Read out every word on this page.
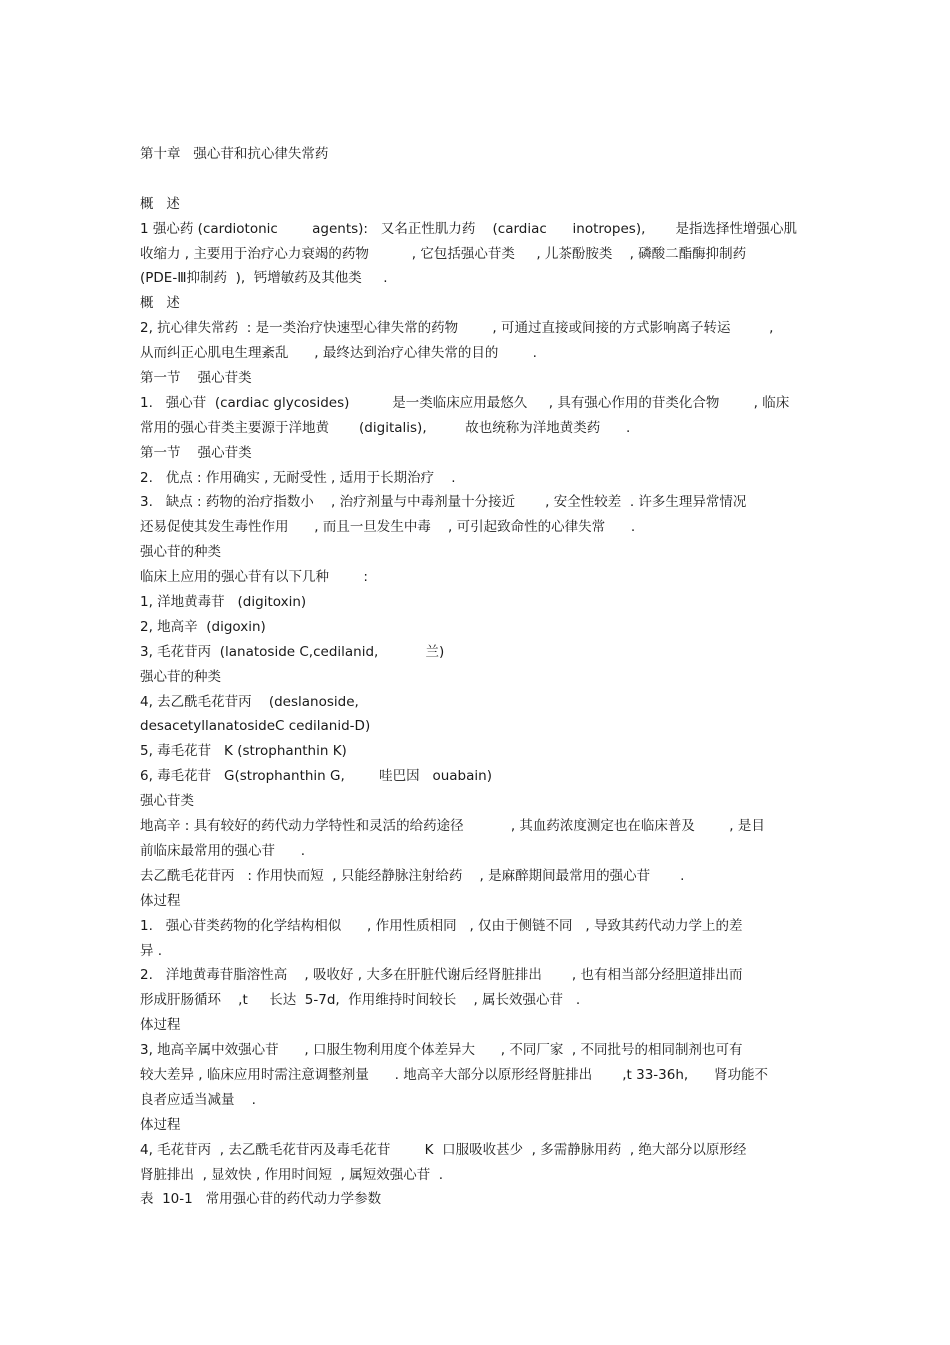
第十章   强心苷和抗心律失常药
概   述
1 强心药 (cardiotonic        agents):   又名正性肌力药    (cardiac      inotropes),       是指选择性增强心肌
收缩力 , 主要用于治疗心力衰竭的药物          , 它包括强心苷类     , 儿茶酚胺类    , 磷酸二酯酶抑制药
(PDE-Ⅲ抑制药  ),  钙增敏药及其他类     .
概   述
2, 抗心律失常药  : 是一类治疗快速型心律失常的药物        , 可通过直接或间接的方式影响离子转运         ,
从而纠正心肌电生理紊乱      , 最终达到治疗心律失常的目的        .
第一节    强心苷类
1.   强心苷  (cardiac glycosides)          是一类临床应用最悠久     , 具有强心作用的苷类化合物        , 临床
常用的强心苷类主要源于洋地黄       (digitalis),         故也统称为洋地黄类药      .
第一节    强心苷类
2.   优点 : 作用确实 , 无耐受性 , 适用于长期治疗    .
3.   缺点 : 药物的治疗指数小    , 治疗剂量与中毒剂量十分接近       , 安全性较差  . 许多生理异常情况
还易促使其发生毒性作用      , 而且一旦发生中毒    , 可引起致命性的心律失常      .
强心苷的种类
临床上应用的强心苷有以下几种        :
1, 洋地黄毒苷   (digitoxin)
2, 地高辛  (digoxin)
3, 毛花苷丙  (lanatoside C,cedilanid,           兰)
强心苷的种类
4, 去乙酰毛花苷丙    (deslanoside,
desacetyllanatosideC cedilanid-D)
5, 毒毛花苷   K (strophanthin K)
6, 毒毛花苷   G(strophanthin G,        哇巴因   ouabain)
强心苷类
地高辛 : 具有较好的药代动力学特性和灵活的给药途径           , 其血药浓度测定也在临床普及        , 是目
前临床最常用的强心苷      .
去乙酰毛花苷丙   : 作用快而短  , 只能经静脉注射给药    , 是麻醉期间最常用的强心苷       .
体过程
1.   强心苷类药物的化学结构相似      , 作用性质相同   , 仅由于侧链不同   , 导致其药代动力学上的差
异 .
2.   洋地黄毒苷脂溶性高    , 吸收好 , 大多在肝脏代谢后经肾脏排出       , 也有相当部分经胆道排出而
形成肝肠循环    ,t     长达  5-7d,  作用维持时间较长    , 属长效强心苷   .
体过程
3, 地高辛属中效强心苷      , 口服生物利用度个体差异大      , 不同厂家  , 不同批号的相同制剂也可有
较大差异 , 临床应用时需注意调整剂量      . 地高辛大部分以原形经肾脏排出       ,t 33-36h,      肾功能不
良者应适当减量    .
体过程
4, 毛花苷丙  , 去乙酰毛花苷丙及毒毛花苷        K  口服吸收甚少  , 多需静脉用药  , 绝大部分以原形经
肾脏排出  , 显效快 , 作用时间短  , 属短效强心苷  .
表  10-1   常用强心苷的药代动力学参数
